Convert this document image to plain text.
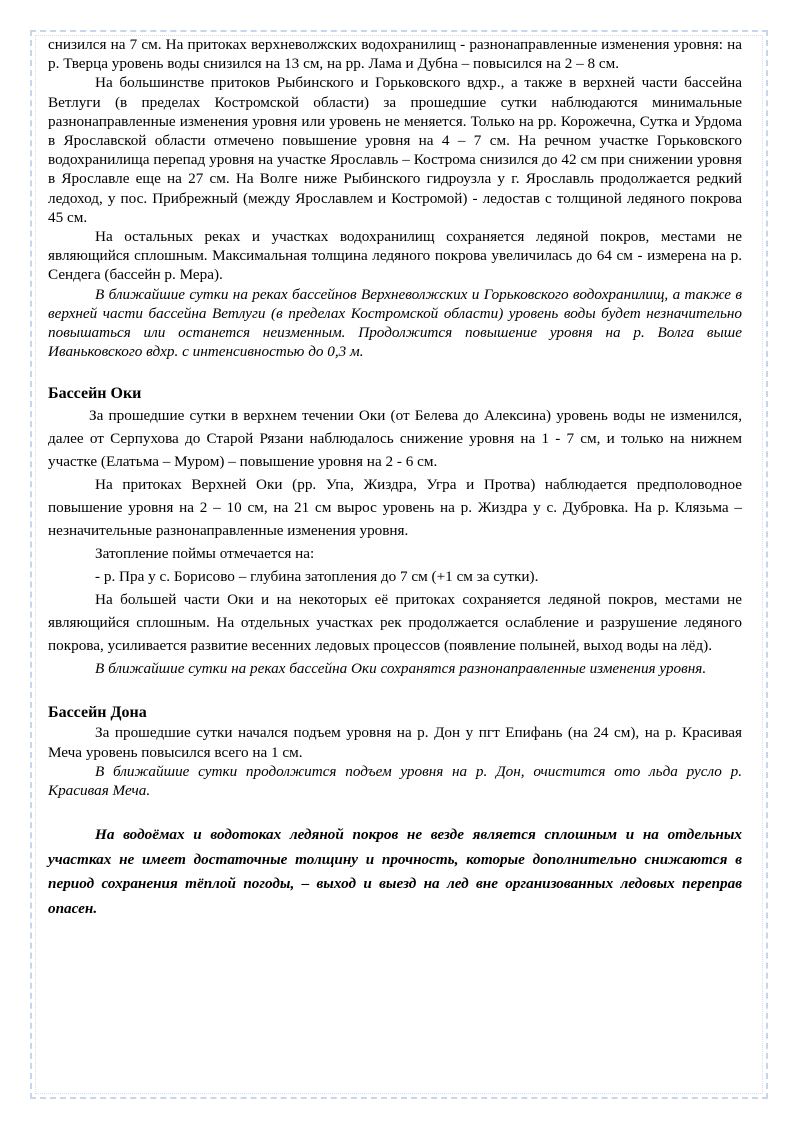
снизился на 7 см. На притоках верхневолжских водохранилищ - разнонаправленные изменения уровня: на р. Тверца уровень воды снизился на 13 см, на рр. Лама и Дубна – повысился на 2 – 8 см.

На большинстве притоков Рыбинского и Горьковского вдхр., а также в верхней части бассейна Ветлуги (в пределах Костромской области) за прошедшие сутки наблюдаются минимальные разнонаправленные изменения уровня или уровень не меняется. Только на рр. Корожечна, Сутка и Урдома в Ярославской области отмечено повышение уровня на 4 – 7 см. На речном участке Горьковского водохранилища перепад уровня на участке Ярославль – Кострома снизился до 42 см при снижении уровня в Ярославле еще на 27 см. На Волге ниже Рыбинского гидроузла у г. Ярославль продолжается редкий ледоход, у пос. Прибрежный (между Ярославлем и Костромой) - ледостав с толщиной ледяного покрова 45 см.

На остальных реках и участках водохранилищ сохраняется ледяной покров, местами не являющийся сплошным. Максимальная толщина ледяного покрова увеличилась до 64 см - измерена на р. Сендега (бассейн р. Мера).

В ближайшие сутки на реках бассейнов Верхневолжских и Горьковского водохранилищ, а также в верхней части бассейна Ветлуги (в пределах Костромской области) уровень воды будет незначительно повышаться или останется неизменным. Продолжится повышение уровня на р. Волга выше Иваньковского вдхр. с интенсивностью до 0,3 м.

Бассейн Оки

За прошедшие сутки в верхнем течении Оки (от Белева до Алексина) уровень воды не изменился, далее от Серпухова до Старой Рязани наблюдалось снижение уровня на 1 - 7 см, и только на нижнем участке (Елатьма – Муром) – повышение уровня на 2 - 6 см.

На притоках Верхней Оки (рр. Упа, Жиздра, Угра и Протва) наблюдается предполоводное повышение уровня на 2 – 10 см, на 21 см вырос уровень на р. Жиздра у с. Дубровка. На р. Клязьма – незначительные разнонаправленные изменения уровня.

Затопление поймы отмечается на:

- р. Пра у с. Борисово – глубина затопления до 7 см (+1 см за сутки).

На большей части Оки и на некоторых её притоках сохраняется ледяной покров, местами не являющийся сплошным. На отдельных участках рек продолжается ослабление и разрушение ледяного покрова, усиливается развитие весенних ледовых процессов (появление полыней, выход воды на лёд).

В ближайшие сутки на реках бассейна Оки сохранятся разнонаправленные изменения уровня.

Бассейн Дона

За прошедшие сутки начался подъем уровня на р. Дон у пгт Епифань (на 24 см), на р. Красивая Меча уровень повысился всего на 1 см.

В ближайшие сутки продолжится подъем уровня на р. Дон, очистится ото льда русло р. Красивая Меча.

На водоёмах и водотоках ледяной покров не везде является сплошным и на отдельных участках не имеет достаточные толщину и прочность, которые дополнительно снижаются в период сохранения тёплой погоды, – выход и выезд на лед вне организованных ледовых переправ опасен.
